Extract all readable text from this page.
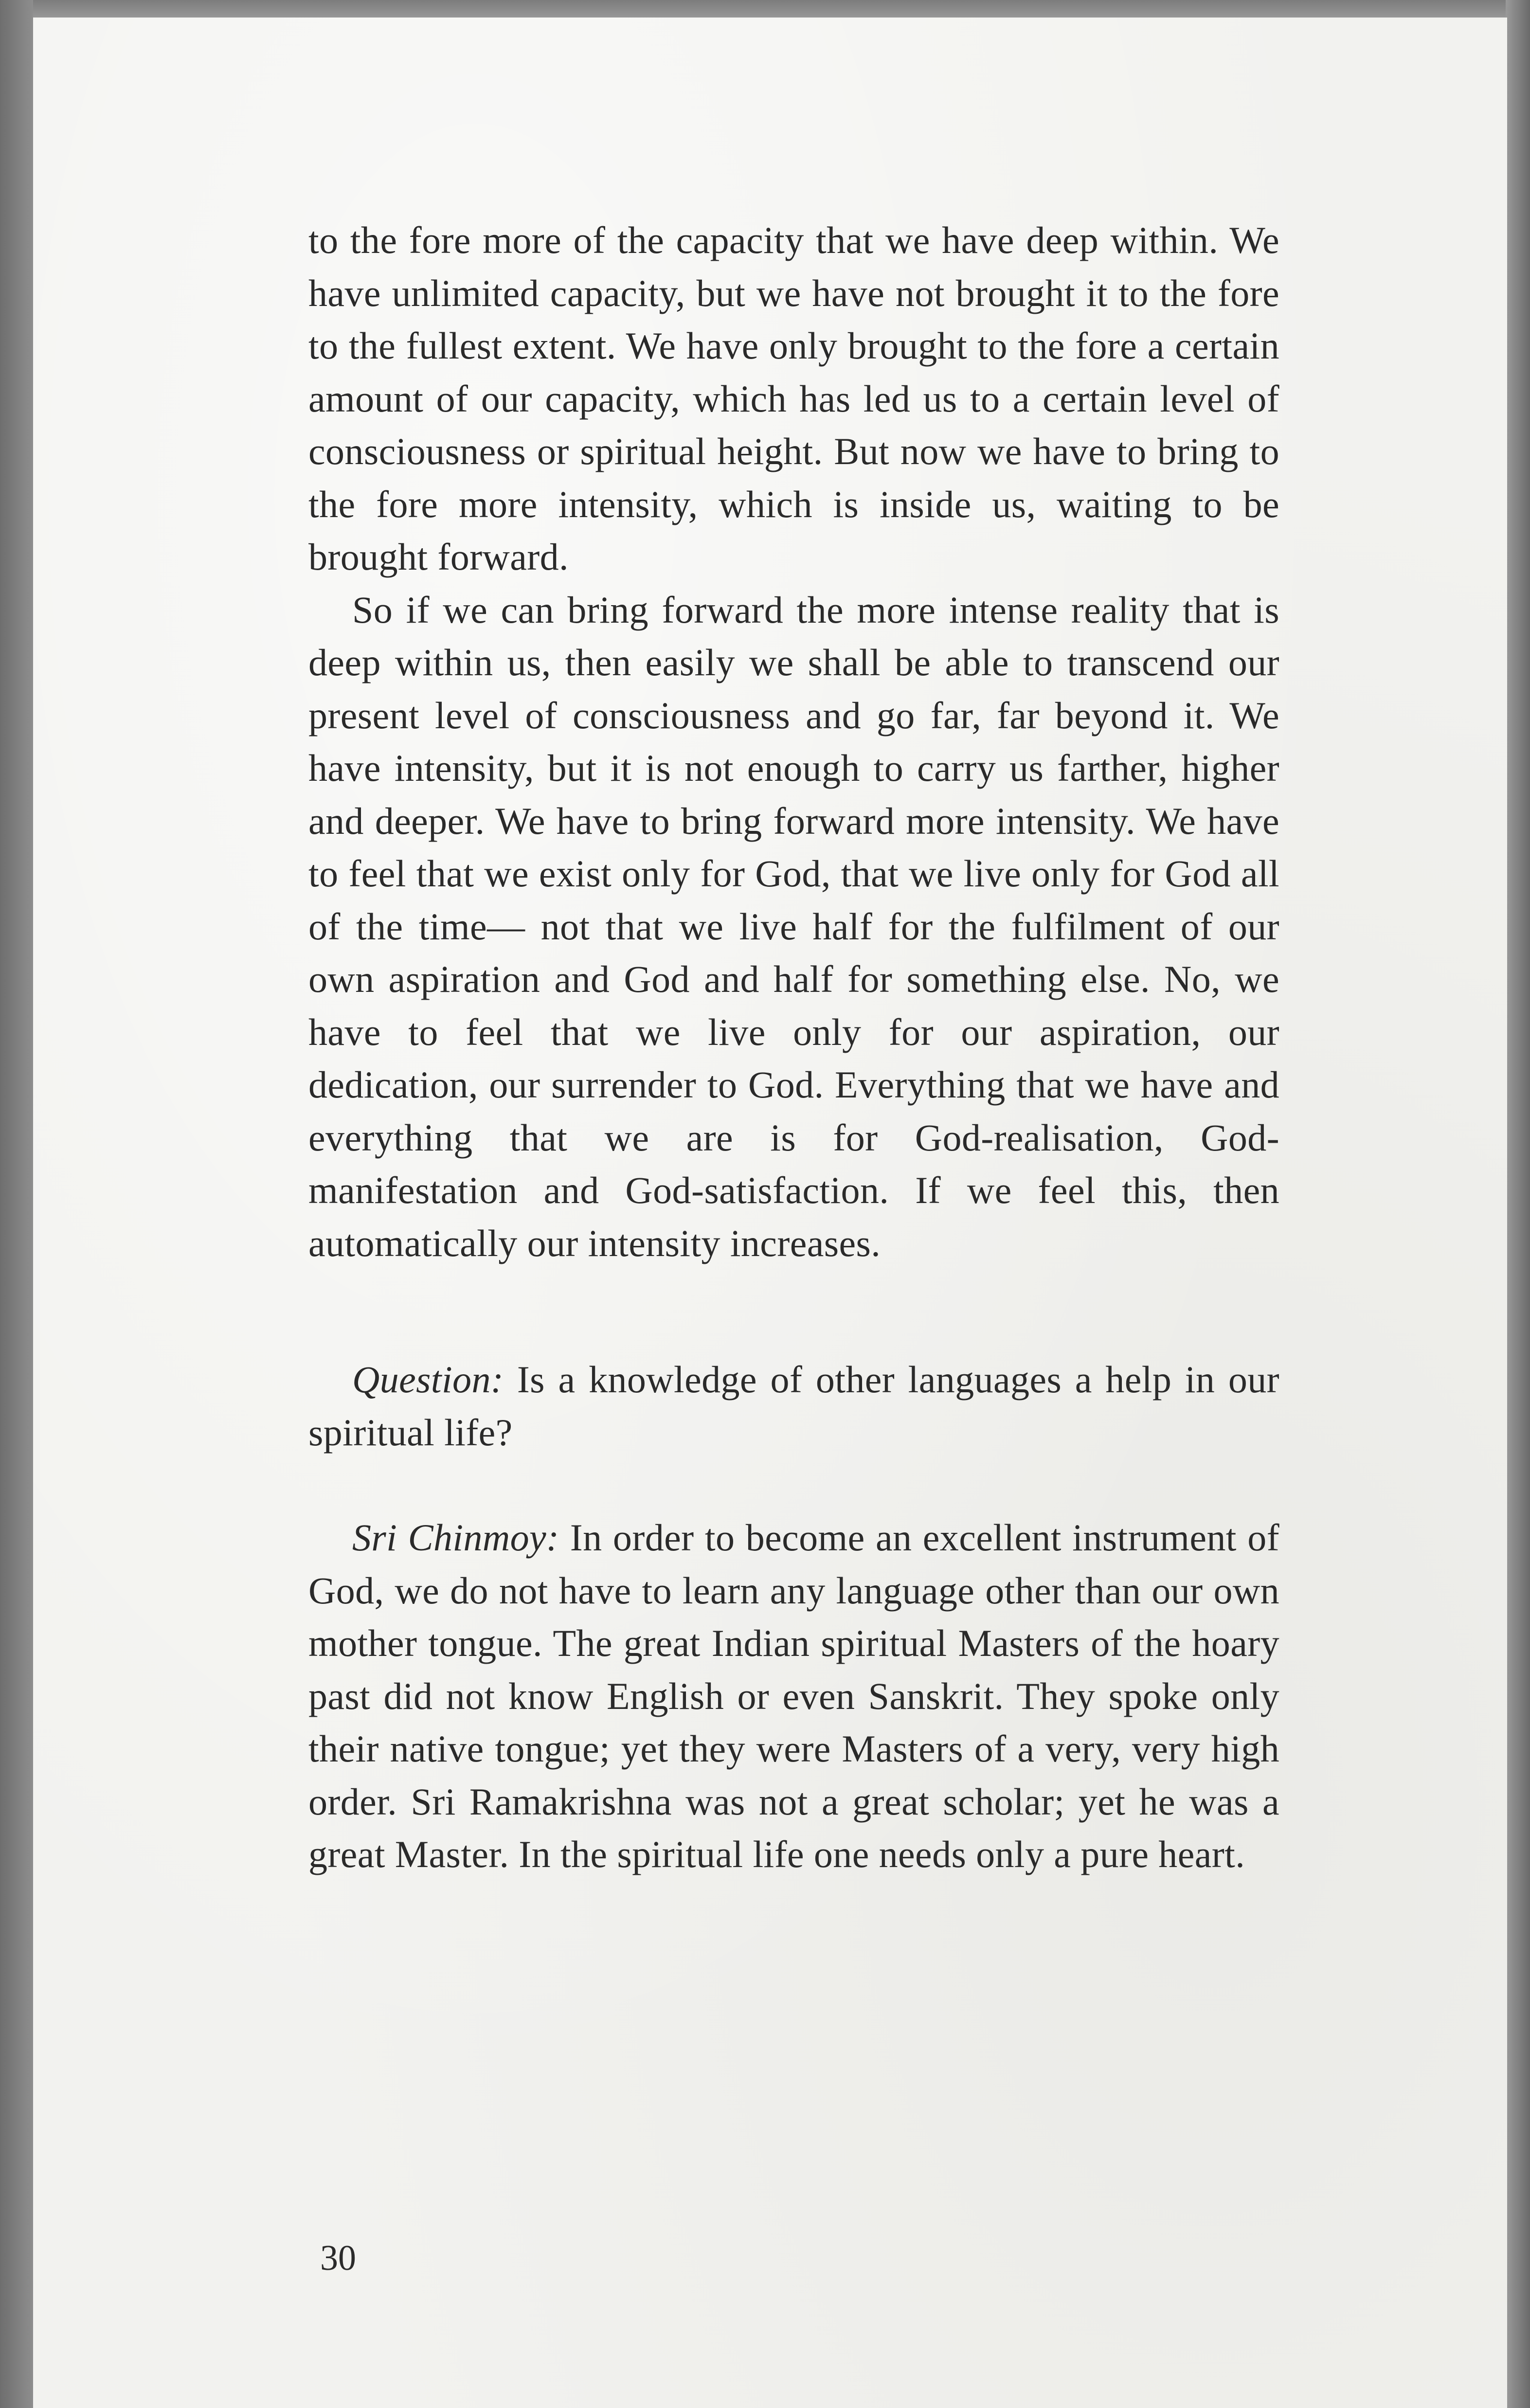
to the fore more of the capacity that we have deep within. We have unlimited capacity, but we have not brought it to the fore to the fullest extent. We have only brought to the fore a certain amount of our capacity, which has led us to a certain level of consciousness or spiritual height. But now we have to bring to the fore more intensity, which is inside us, waiting to be brought forward.

So if we can bring forward the more intense reality that is deep within us, then easily we shall be able to transcend our present level of consciousness and go far, far beyond it. We have intensity, but it is not enough to carry us farther, higher and deeper. We have to bring forward more intensity. We have to feel that we exist only for God, that we live only for God all of the time— not that we live half for the fulfilment of our own aspiration and God and half for something else. No, we have to feel that we live only for our aspiration, our dedication, our surrender to God. Everything that we have and everything that we are is for God-realisation, God-manifestation and God-satisfaction. If we feel this, then automatically our intensity increases.

Question: Is a knowledge of other languages a help in our spiritual life?

Sri Chinmoy: In order to become an excellent instrument of God, we do not have to learn any language other than our own mother tongue. The great Indian spiritual Masters of the hoary past did not know English or even Sanskrit. They spoke only their native tongue; yet they were Masters of a very, very high order. Sri Ramakrishna was not a great scholar; yet he was a great Master. In the spiritual life one needs only a pure heart.

30
